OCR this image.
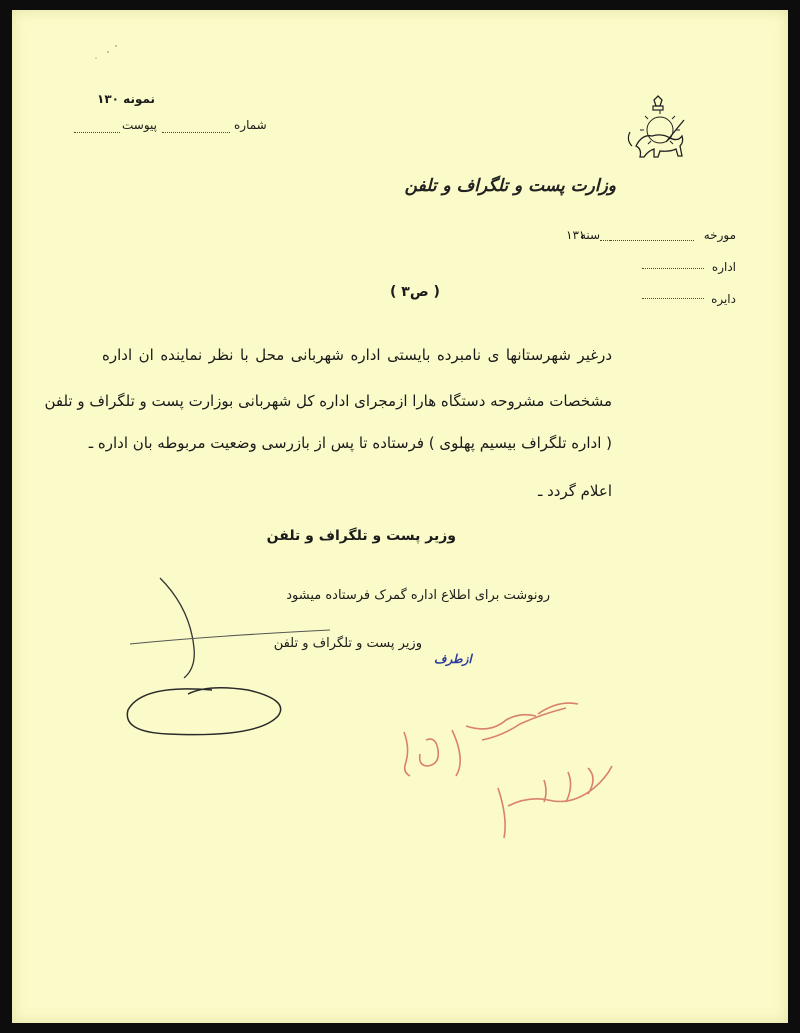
وزارت پست و تلگراف و تلفن
نمونه ۱۳۰
شماره
پیوست
مورخه
سنه
۱۳۱
اداره
دایره
( ص۳ )
درغیر شهرستانها ی نامبرده بایستی اداره شهربانی محل با نظر نماینده ان اداره
مشخصات مشروحه دستگاه هارا ازمجرای اداره کل شهربانی بوزارت پست و تلگراف و تلفن
( اداره تلگراف بیسیم پهلوی ) فرستاده تا پس از بازرسی وضعیت مربوطه بان اداره ـ
اعلام گردد ـ
وزیر پست و تلگراف و تلفن
رونوشت برای اطلاع اداره گمرک فرستاده میشود
ازطرف
وزیر پست و تلگراف و تلفن
